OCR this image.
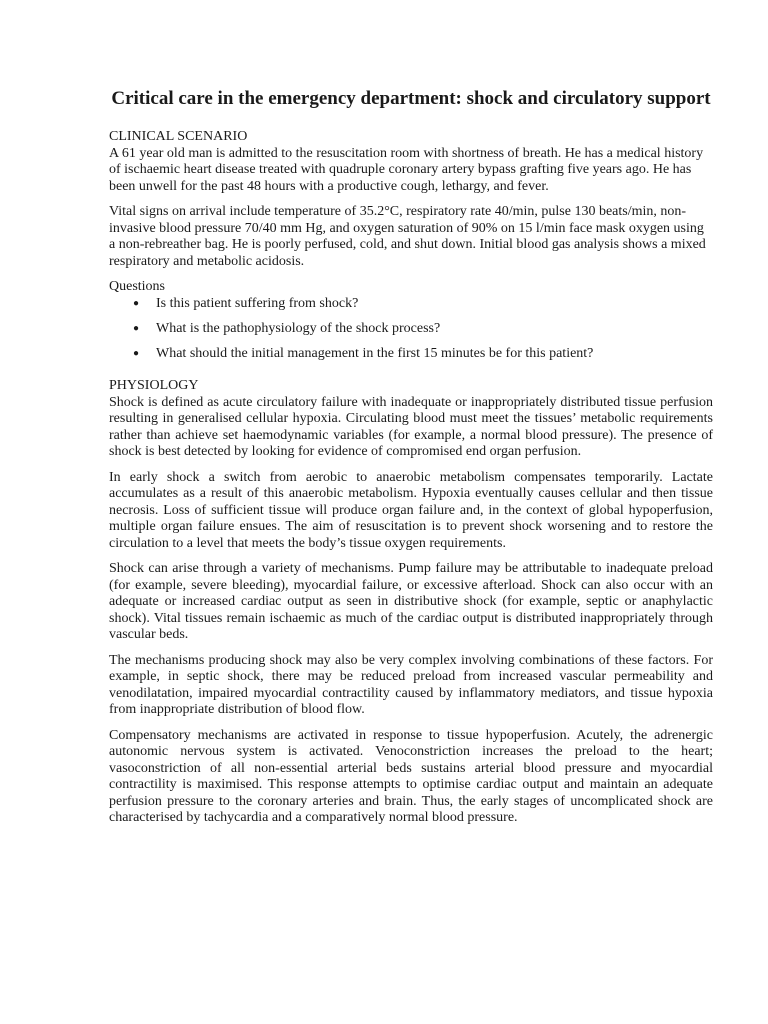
Critical care in the emergency department: shock and circulatory support

CLINICAL SCENARIO

A 61 year old man is admitted to the resuscitation room with shortness of breath. He has a medical history of ischaemic heart disease treated with quadruple coronary artery bypass grafting five years ago. He has been unwell for the past 48 hours with a productive cough, lethargy, and fever.

Vital signs on arrival include temperature of 35.2°C, respiratory rate 40/min, pulse 130 beats/min, non-invasive blood pressure 70/40 mm Hg, and oxygen saturation of 90% on 15 l/min face mask oxygen using a non-rebreather bag. He is poorly perfused, cold, and shut down. Initial blood gas analysis shows a mixed respiratory and metabolic acidosis.

Questions

● Is this patient suffering from shock?
● What is the pathophysiology of the shock process?
● What should the initial management in the first 15 minutes be for this patient?

PHYSIOLOGY

Shock is defined as acute circulatory failure with inadequate or inappropriately distributed tissue perfusion resulting in generalised cellular hypoxia. Circulating blood must meet the tissues’ metabolic requirements rather than achieve set haemodynamic variables (for example, a normal blood pressure). The presence of shock is best detected by looking for evidence of compromised end organ perfusion.

In early shock a switch from aerobic to anaerobic metabolism compensates temporarily. Lactate accumulates as a result of this anaerobic metabolism. Hypoxia eventually causes cellular and then tissue necrosis. Loss of sufficient tissue will produce organ failure and, in the context of global hypoperfusion, multiple organ failure ensues. The aim of resuscitation is to prevent shock worsening and to restore the circulation to a level that meets the body’s tissue oxygen requirements.

Shock can arise through a variety of mechanisms. Pump failure may be attributable to inadequate preload (for example, severe bleeding), myocardial failure, or excessive afterload. Shock can also occur with an adequate or increased cardiac output as seen in distributive shock (for example, septic or anaphylactic shock). Vital tissues remain ischaemic as much of the cardiac output is distributed inappropriately through vascular beds.

The mechanisms producing shock may also be very complex involving combinations of these factors. For example, in septic shock, there may be reduced preload from increased vascular permeability and venodilatation, impaired myocardial contractility caused by inflammatory mediators, and tissue hypoxia from inappropriate distribution of blood flow.

Compensatory mechanisms are activated in response to tissue hypoperfusion. Acutely, the adrenergic autonomic nervous system is activated. Venoconstriction increases the preload to the heart; vasoconstriction of all non-essential arterial beds sustains arterial blood pressure and myocardial contractility is maximised. This response attempts to optimise cardiac output and maintain an adequate perfusion pressure to the coronary arteries and brain. Thus, the early stages of uncomplicated shock are characterised by tachycardia and a comparatively normal blood pressure.
